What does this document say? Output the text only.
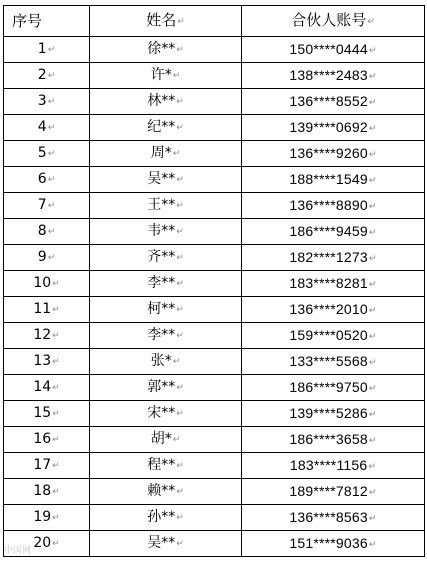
序号	姓名↵	合伙人账号↵
1↵	徐**↵	150****0444↵
2↵	许*↵	138****2483↵
3↵	林**↵	136****8552↵
4↵	纪**↵	139****0692↵
5↵	周*↵	136****9260↵
6↵	吴**↵	188****1549↵
7↵	王**↵	136****8890↵
8↵	韦**↵	186****9459↵
9↵	齐**↵	182****1273↵
10↵	李**↵	183****8281↵
11↵	柯**↵	136****2010↵
12↵	李**↵	159****0520↵
13↵	张*↵	133****5568↵
14↵	郭**↵	186****9750↵
15↵	宋**↵	139****5286↵
16↵	胡*↵	186****3658↵
17↵	程**↵	183****1156↵
18↵	赖**↵	189****7812↵
19↵	孙**↵	136****8563↵
20↵	吴**↵	151****9036↵
中国网
